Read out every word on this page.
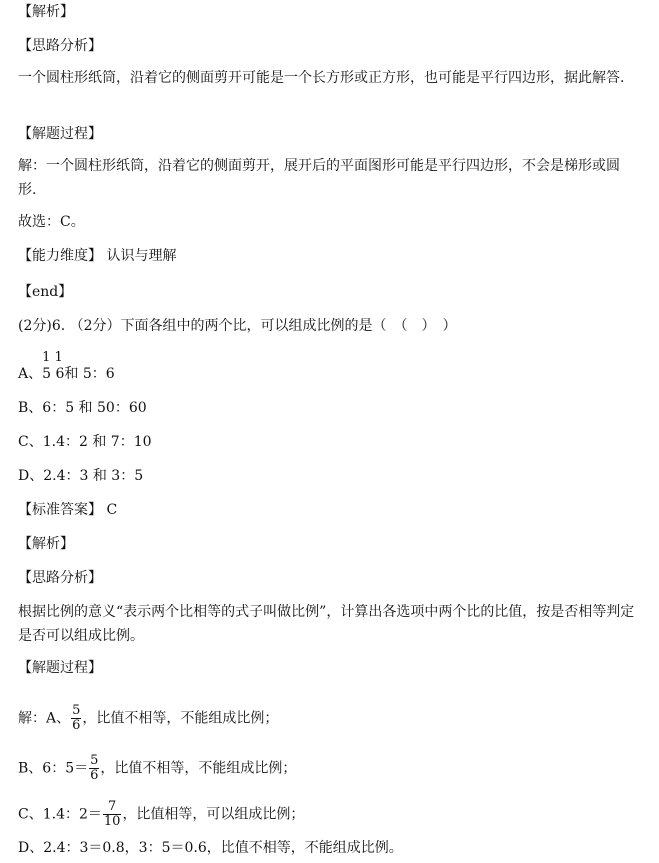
【解析】
【思路分析】
一个圆柱形纸筒，沿着它的侧面剪开可能是一个长方形或正方形，也可能是平行四边形，据此解答.
【解题过程】
解：一个圆柱形纸筒，沿着它的侧面剪开，展开后的平面图形可能是平行四边形，不会是梯形或圆形.
故选：C。
【能力维度】 认识与理解
【end】
(2分)6. （2分）下面各组中的两个比，可以组成比例的是（　（　）　）
A、
1 1
5 6和 5：6
B、6：5 和 50：60
C、1.4：2 和 7：10
D、2.4：3 和 3：5
【标准答案】 C
【解析】
【思路分析】
根据比例的意义“表示两个比相等的式子叫做比例”，计算出各选项中两个比的比值，按是否相等判定是否可以组成比例。
【解题过程】
解：A、 $\frac{5}{6}$ ，比值不相等，不能组成比例；
B、6：$5= \frac{5}{6}$ ，比值不相等，不能组成比例；
C、1.4：$2= \frac{7}{10}$ ，比值相等，可以组成比例；
D、2.4：3＝0.8，3：5＝0.6，比值不相等，不能组成比例。
